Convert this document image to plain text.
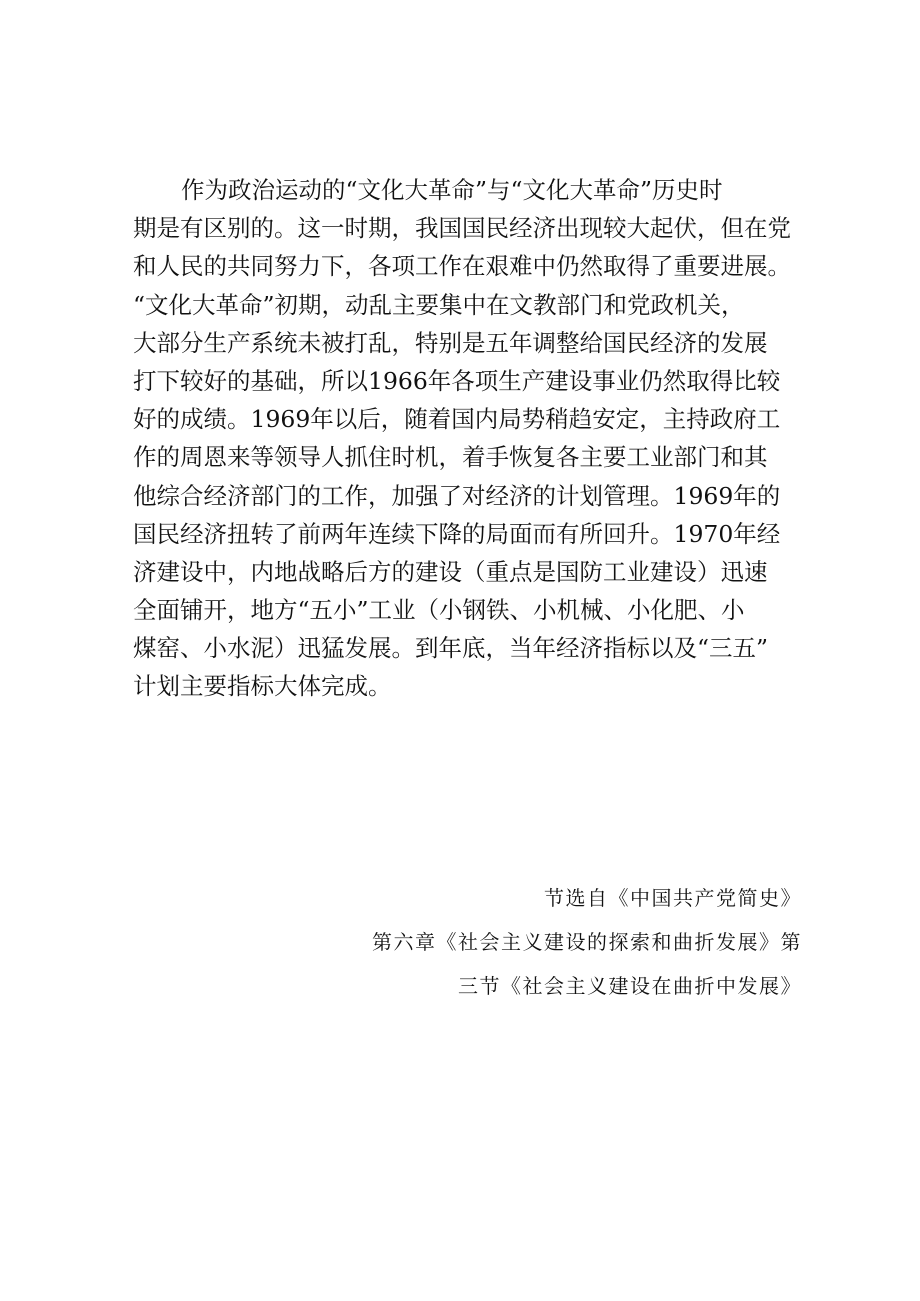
作为政治运动的“文化大革命”与“文化大革命”历史时
期是有区别的。这一时期，我国国民经济出现较大起伏，但在党
和人民的共同努力下，各项工作在艰难中仍然取得了重要进展。
“文化大革命”初期，动乱主要集中在文教部门和党政机关，
大部分生产系统未被打乱，特别是五年调整给国民经济的发展
打下较好的基础，所以1966年各项生产建设事业仍然取得比较
好的成绩。1969年以后，随着国内局势稍趋安定，主持政府工
作的周恩来等领导人抓住时机，着手恢复各主要工业部门和其
他综合经济部门的工作，加强了对经济的计划管理。1969年的
国民经济扭转了前两年连续下降的局面而有所回升。1970年经
济建设中，内地战略后方的建设（重点是国防工业建设）迅速
全面铺开，地方“五小”工业（小钢铁、小机械、小化肥、小
煤窑、小水泥）迅猛发展。到年底，当年经济指标以及“三五”
计划主要指标大体完成。
节选自《中国共产党简史》
第六章《社会主义建设的探索和曲折发展》第
三节《社会主义建设在曲折中发展》
